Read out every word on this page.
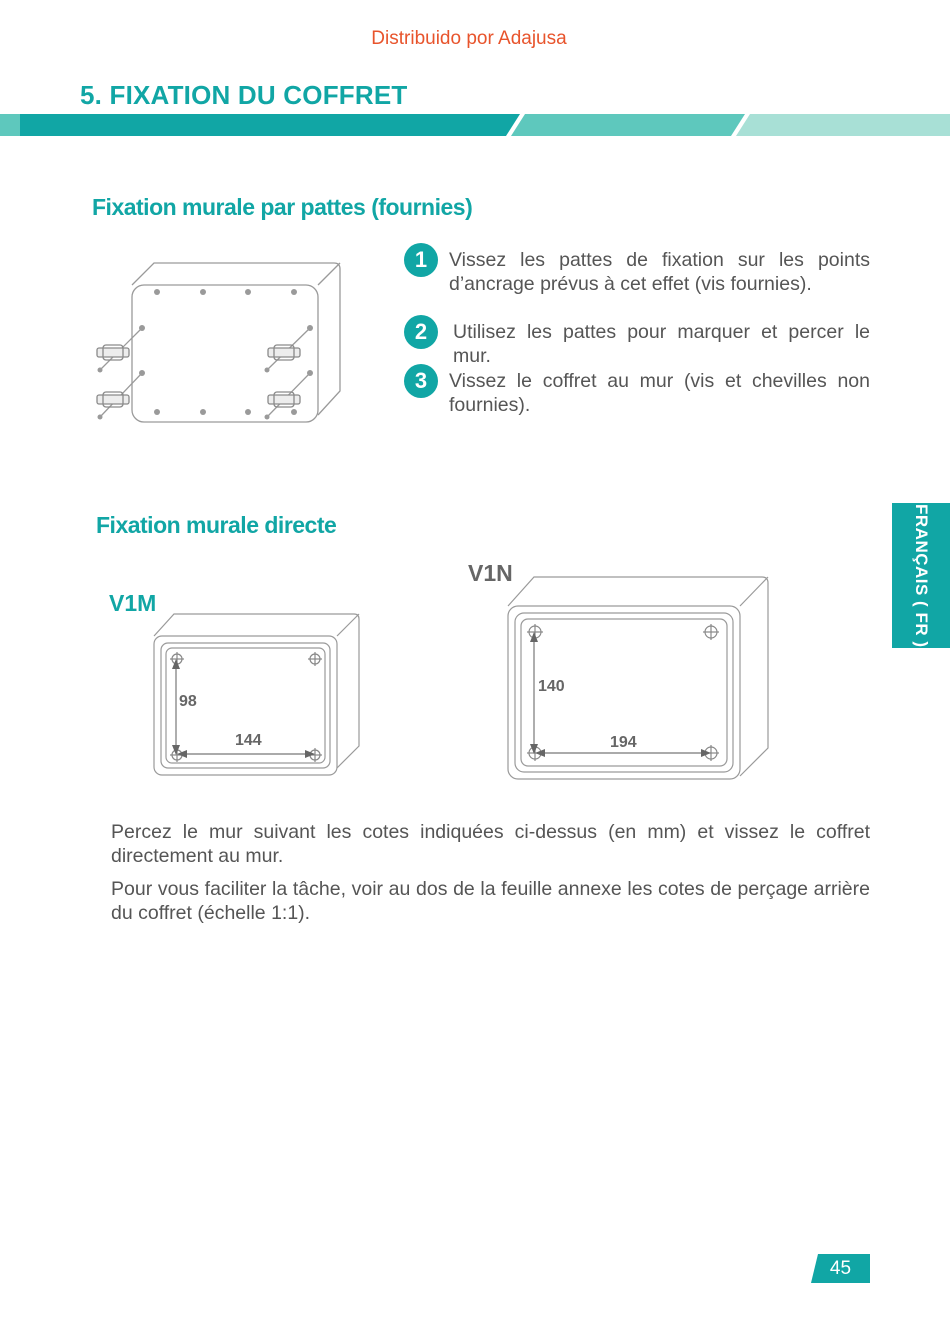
Distribuido por Adajusa
5. FIXATION DU COFFRET
Fixation murale par pattes (fournies)
1	Vissez les pattes de fixation sur les points d’ancrage prévus à cet effet (vis fournies).
2	Utilisez les pattes pour marquer et percer le mur.
3	Vissez le coffret au mur (vis et chevilles non fournies).
Fixation murale directe
V1M
V1N
98
144
140
194
Percez le mur suivant les cotes indiquées ci-dessus (en mm) et vissez le coffret directement au mur.
Pour vous faciliter la tâche, voir au dos de la feuille annexe les cotes de perçage arrière du coffret (échelle 1:1).
FRANÇAIS ( FR )
45
